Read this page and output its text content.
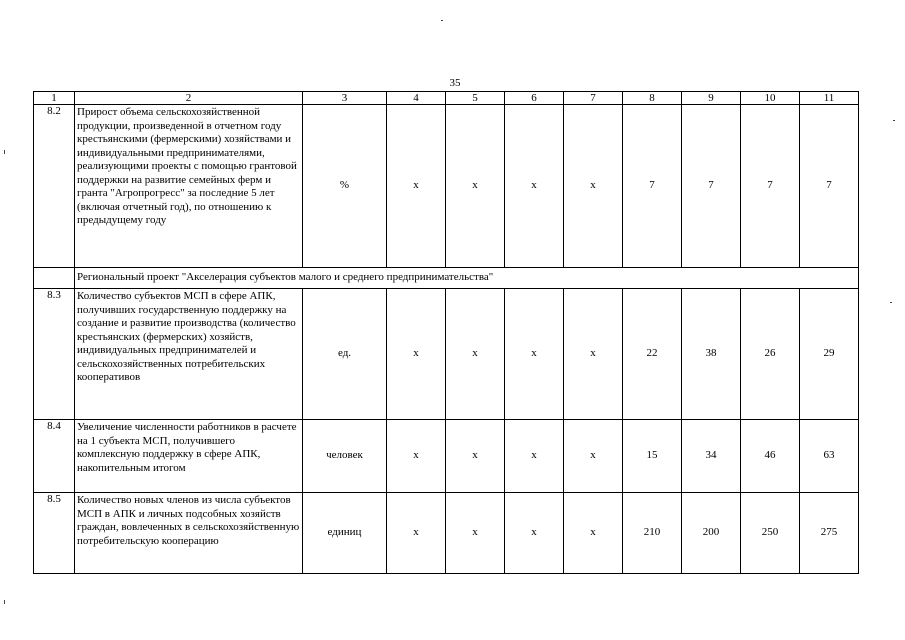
35
1	2	3	4	5	6	7	8	9	10	11
8.2	Прирост объема сельскохозяйственной продукции, произведенной в отчетном году крестьянскими (фермерскими) хозяйствами и индивидуальными предпринимателями, реализующими проекты с помощью грантовой поддержки на развитие семейных ферм и гранта "Агропрогресс" за последние 5 лет (включая отчетный год), по отношению к предыдущему году	%	x	x	x	x	7	7	7	7
	Региональный проект "Акселерация субъектов малого и среднего предпринимательства"									
8.3	Количество субъектов МСП в сфере АПК, получивших государственную поддержку на создание и развитие производства (количество крестьянских (фермерских) хозяйств, индивидуальных предпринимателей и сельскохозяйственных потребительских кооперативов	ед.	x	x	x	x	22	38	26	29
8.4	Увеличение численности работников в расчете на 1 субъекта МСП, получившего комплексную поддержку в сфере АПК, накопительным итогом	человек	x	x	x	x	15	34	46	63
8.5	Количество новых членов из числа субъектов МСП в АПК и личных подсобных хозяйств граждан, вовлеченных в сельскохозяйственную потребительскую кооперацию	единиц	x	x	x	x	210	200	250	275
